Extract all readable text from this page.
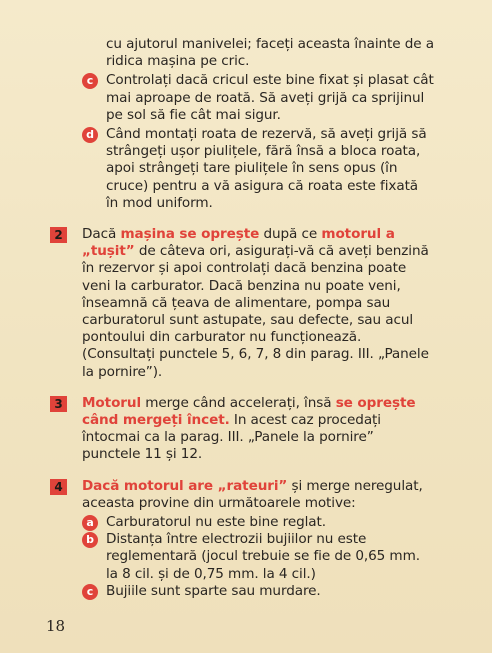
cu ajutorul manivelei; faceți aceasta înainte de a ridica mașina pe cric.
c Controlați dacă cricul este bine fixat și plasat cât mai aproape de roată. Să aveți grijă ca sprijinul pe sol să fie cât mai sigur.
d Când montați roata de rezervă, să aveți grijă să strângeți ușor piulițele, fără însă a bloca roata, apoi strângeți tare piulițele în sens opus (în cruce) pentru a vă asigura că roata este fixată în mod uniform.
2	Dacă mașina se oprește după ce motorul a „tușit” de câteva ori, asigurați-vă că aveți benzină în rezervor și apoi controlați dacă benzina poate veni la carburator. Dacă benzina nu poate veni, înseamnă că țeava de alimentare, pompa sau carburatorul sunt astupate, sau defecte, sau acul pontoului din carburator nu funcționează. (Consultați punctele 5, 6, 7, 8 din parag. III. „Panele la pornire”).
3	Motorul merge când accelerați, însă se oprește când mergeți încet. In acest caz procedați întocmai ca la parag. III. „Panele la pornire” punctele 11 și 12.
4	Dacă motorul are „rateuri” și merge neregulat, aceasta provine din următoarele motive:
a Carburatorul nu este bine reglat.
b Distanța între electrozii bujiilor nu este reglementară (jocul trebuie se fie de 0,65 mm. la 8 cil. și de 0,75 mm. la 4 cil.)
c Bujiile sunt sparte sau murdare.
18
